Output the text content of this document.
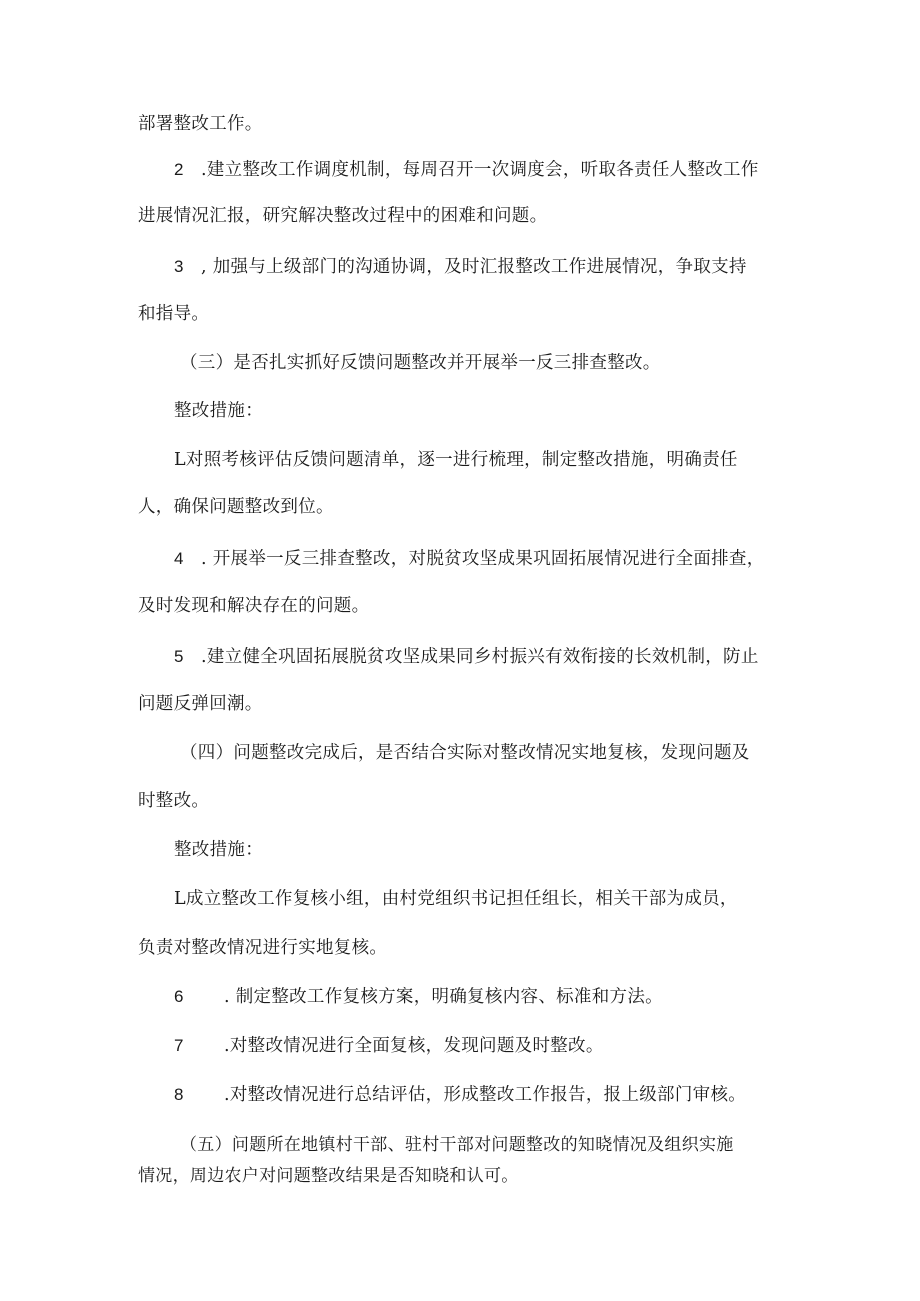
部署整改工作。
2 .建立整改工作调度机制，每周召开一次调度会，听取各责任人整改工作
进展情况汇报，研究解决整改过程中的困难和问题。
3 , 加强与上级部门的沟通协调，及时汇报整改工作进展情况，争取支持
和指导。
（三）是否扎实抓好反馈问题整改并开展举一反三排查整改。
整改措施：
L对照考核评估反馈问题清单，逐一进行梳理，制定整改措施，明确责任
人，确保问题整改到位。
4 . 开展举一反三排查整改，对脱贫攻坚成果巩固拓展情况进行全面排查，
及时发现和解决存在的问题。
5 .建立健全巩固拓展脱贫攻坚成果同乡村振兴有效衔接的长效机制，防止
问题反弹回潮。
（四）问题整改完成后，是否结合实际对整改情况实地复核，发现问题及
时整改。
整改措施：
L成立整改工作复核小组，由村党组织书记担任组长，相关干部为成员，
负责对整改情况进行实地复核。
6 . 制定整改工作复核方案，明确复核内容、标准和方法。
7 .对整改情况进行全面复核，发现问题及时整改。
8 .对整改情况进行总结评估，形成整改工作报告，报上级部门审核。
（五）问题所在地镇村干部、驻村干部对问题整改的知晓情况及组织实施
情况，周边农户对问题整改结果是否知晓和认可。
